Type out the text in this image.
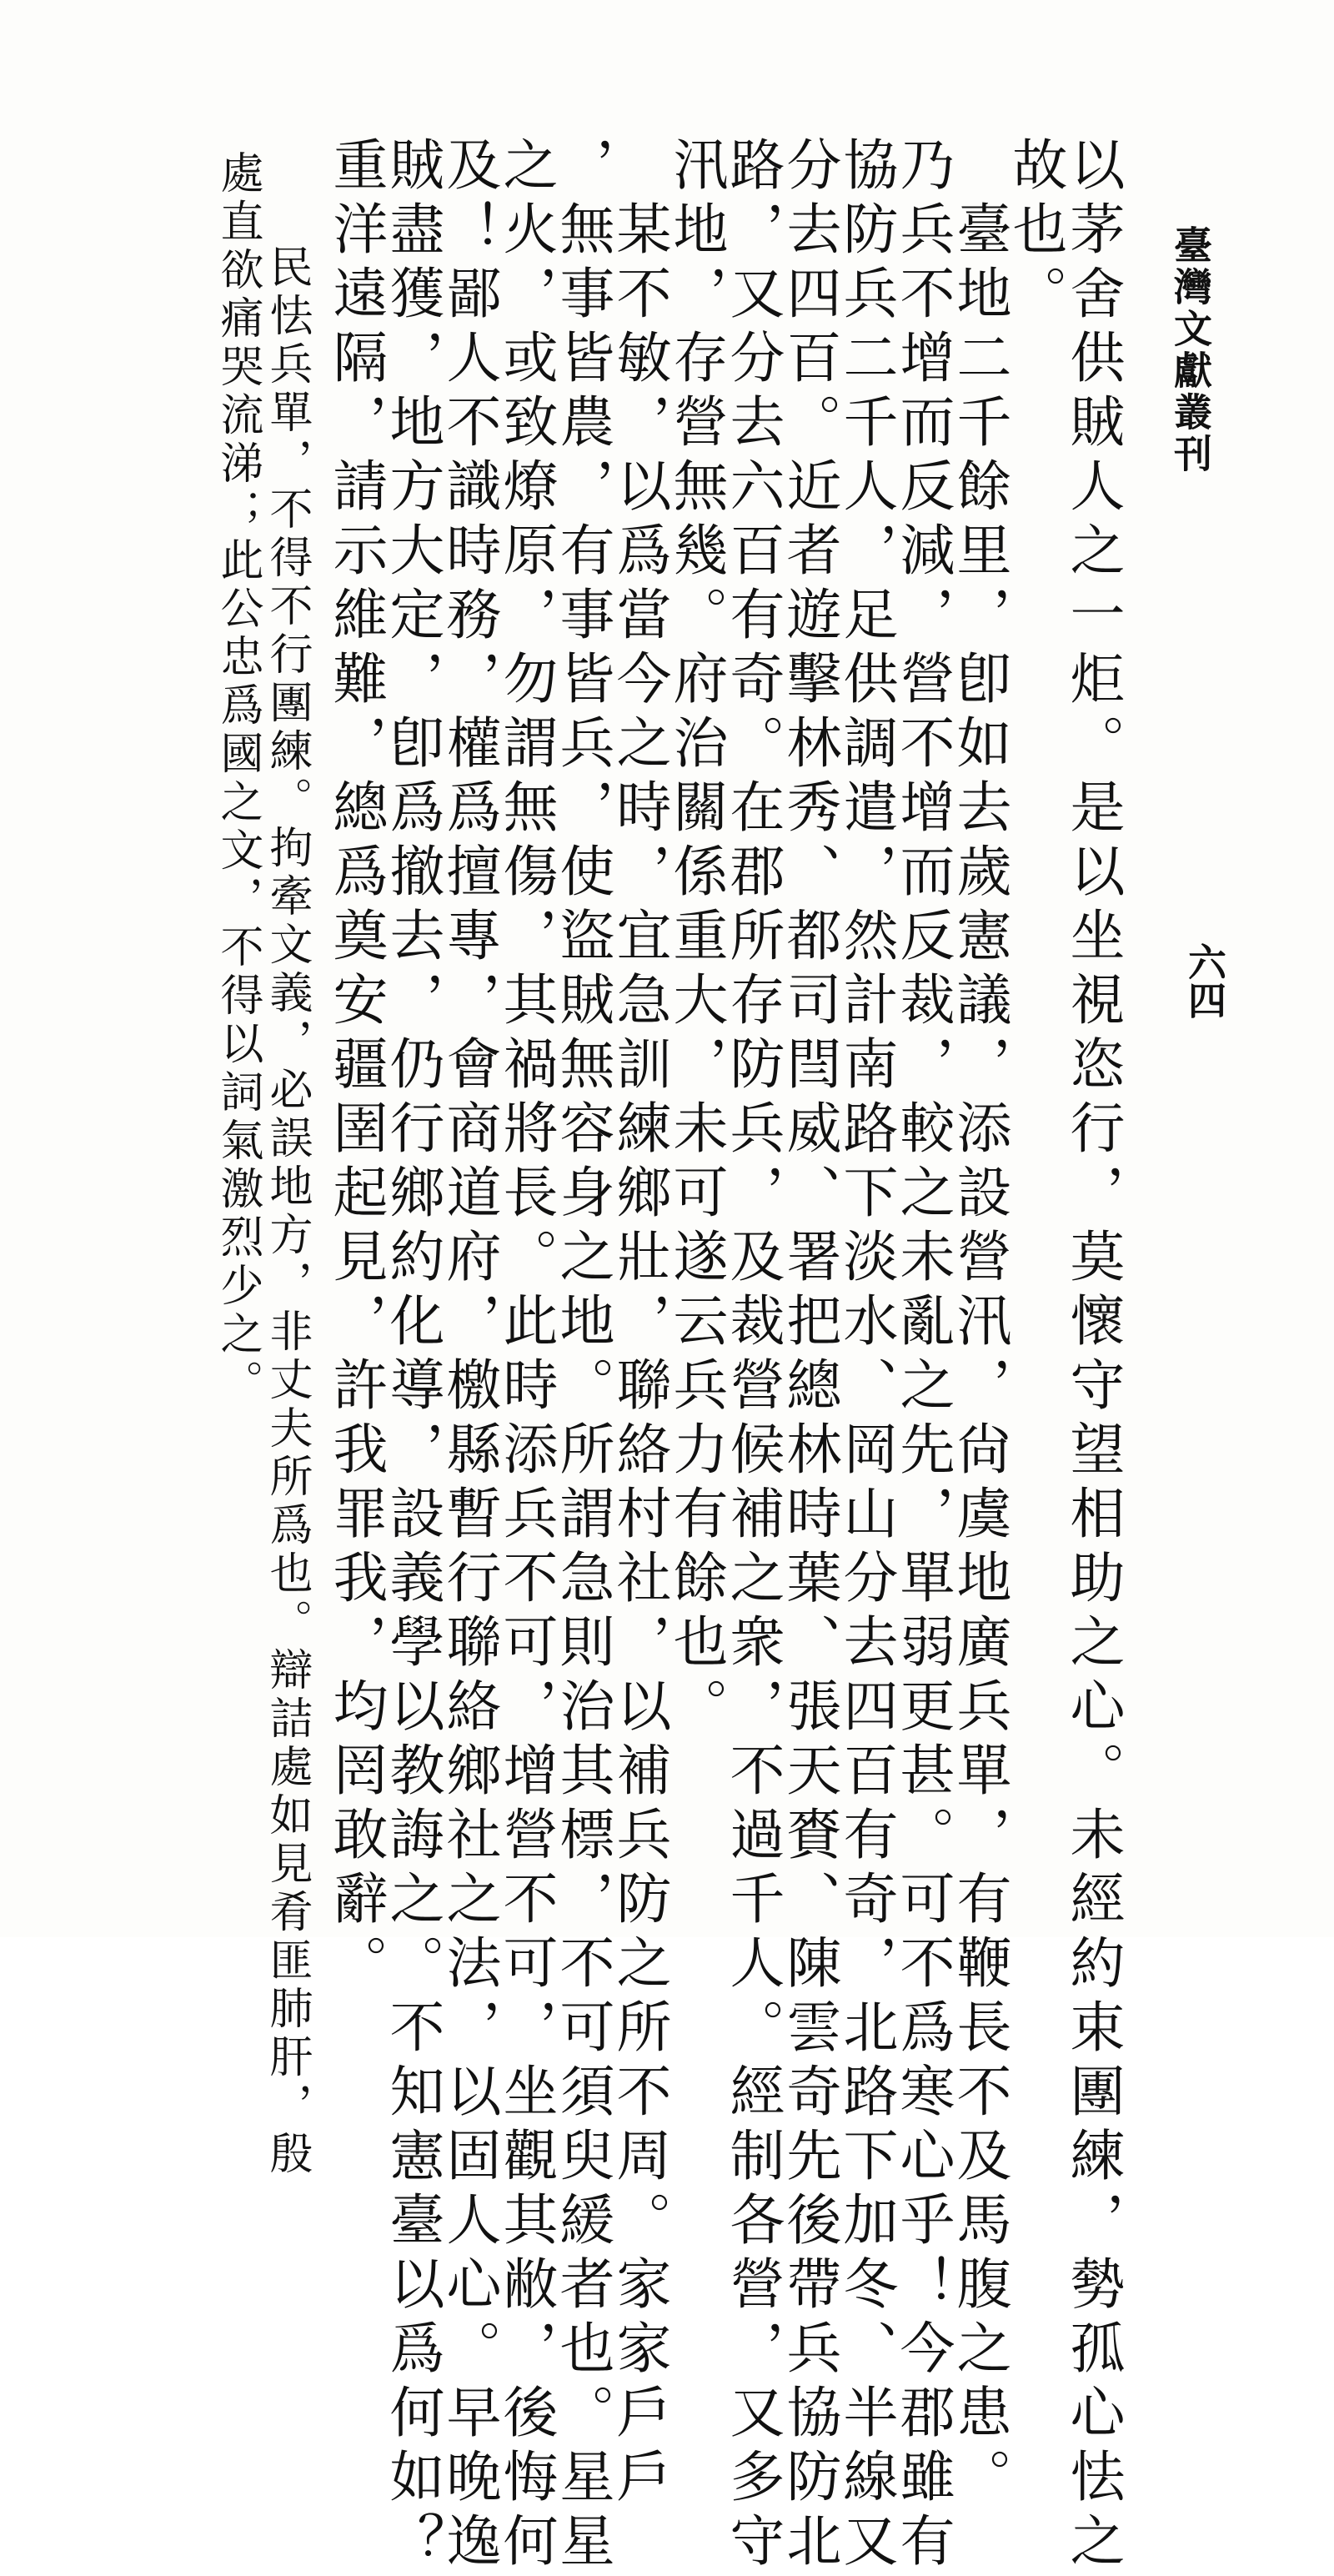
六四
臺灣文獻叢刊
以茅舍供賊人之一炬。是以坐視恣行，莫懷守望相助之心。未經約束團練，勢孤心怯之
故也。
　臺地二千餘里，卽如去歲憲議，添設營汛，尙虞地廣兵單，有鞭長不及馬腹之患。
乃兵不增而反減，營不增而反裁，較之未亂之先，單弱更甚。可不爲寒心乎！今郡雖有
協防兵二千人，足供調遣，然計南路下淡水、岡山分去四百有奇，北路下加冬、半線又
分去四百。近者遊擊林秀、都司閆威、署把總林時葉、張天賚、陳雲奇先後帶兵協防北
路，又分去六百有奇。在郡所存防兵，及裁營候補之衆，不過千人。經制各營，又多守
汛地，存營無幾。府治關係重大，未可遂云兵力有餘也。
　某不敏，以爲當今之時，宜急訓練鄉壯，聯絡村社，以補兵防之所不周。家家戶戶
，無事皆農，有事皆兵，使盜賊無容身之地。所謂急則治其標，不可須臾緩者也。星星
之火，或致燎原，勿謂無傷，其禍將長。此時添兵不可，增營不可，坐觀其敝，後悔何
及！鄙人不識時務，權爲擅專，會商道府，檄縣暫行聯絡鄉社之法，以固人心。早晚逸
賊盡獲，地方大定，卽爲撤去，仍行鄉約化導，設義學以教誨之。不知憲臺以爲何如？
重洋遠隔，請示維難，總爲奠安疆圉起見，許我罪我，均罔敢辭。
　民怯兵單，不得不行團練。拘牽文義，必誤地方，非丈夫所爲也。辯詰處如見肴匪肺肝，殷
處直欲痛哭流涕；此公忠爲國之文，不得以詞氣激烈少之。
